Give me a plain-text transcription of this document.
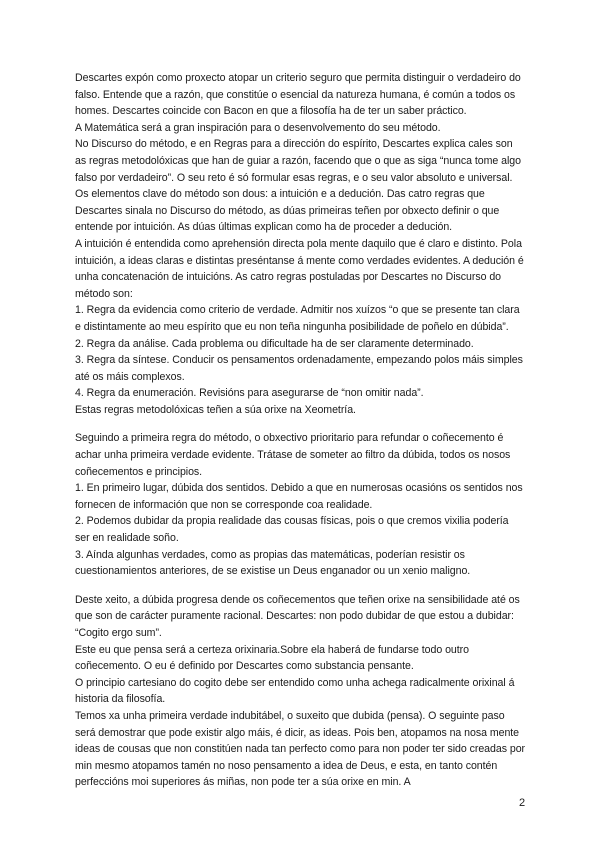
Descartes expón como proxecto atopar un criterio seguro que permita distinguir o verdadeiro do falso. Entende que a razón, que constitúe o esencial da natureza humana, é común a todos os homes. Descartes coincide con Bacon en que a filosofía ha de ter un saber práctico.

A Matemática será a gran inspiración para o desenvolvemento do seu método.

No Discurso do método, e en Regras para a dirección do espírito, Descartes explica cales son as regras metodolóxicas que han de guiar a razón, facendo que o que as siga “nunca tome algo falso por verdadeiro”. O seu reto é só formular esas regras, e o seu valor absoluto e universal. Os elementos clave do método son dous: a intuición e a dedución. Das catro regras que Descartes sinala no Discurso do método, as dúas primeiras teñen por obxecto definir o que entende por intuición. As dúas últimas explican como ha de proceder a dedución.

A intuición é entendida como aprehensión directa pola mente daquilo que é claro e distinto. Pola intuición, a ideas claras e distintas preséntanse á mente como verdades evidentes. A dedución é unha concatenación de intuicións. As catro regras postuladas por Descartes no Discurso do método son:

1. Regra da evidencia como criterio de verdade. Admitir nos xuízos “o que se presente tan clara e distintamente ao meu espírito que eu non teña ningunha posibilidade de poñelo en dúbida”.

2. Regra da análise. Cada problema ou dificultade ha de ser claramente determinado.

3. Regra da síntese. Conducir os pensamentos ordenadamente, empezando polos máis simples até os máis complexos.

4. Regra da enumeración. Revisións para asegurarse de “non omitir nada”.

Estas regras metodolóxicas teñen a súa orixe na Xeometría.

Seguindo a primeira regra do método, o obxectivo prioritario para refundar o coñecemento é achar unha primeira verdade evidente. Trátase de someter ao filtro da dúbida, todos os nosos coñecementos e principios.

1. En primeiro lugar, dúbida dos sentidos. Debido a que en numerosas ocasións os sentidos nos fornecen de información que non se corresponde coa realidade.

2. Podemos dubidar da propia realidade das cousas físicas, pois o que cremos vixilia podería ser en realidade soño.

3. Aínda algunhas verdades, como as propias das matemáticas, poderían resistir os cuestionamientos anteriores, de se existise un Deus enganador ou un xenio maligno.

Deste xeito, a dúbida progresa dende os coñecementos que teñen orixe na sensibilidade até os que son de carácter puramente racional. Descartes: non podo dubidar de que estou a dubidar: “Cogito ergo sum”.

Este eu que pensa será a certeza orixinaria.Sobre ela haberá de fundarse todo outro coñecemento. O eu é definido por Descartes como substancia pensante.

O principio cartesiano do cogito debe ser entendido como unha achega radicalmente orixinal á historia da filosofía.

Temos xa unha primeira verdade indubitábel, o suxeito que dubida (pensa). O seguinte paso será demostrar que pode existir algo máis, é dicir, as ideas. Pois ben, atopamos na nosa mente ideas de cousas que non constitúen nada tan perfecto como para non poder ter sido creadas por min mesmo atopamos tamén no noso pensamento a idea de Deus, e esta, en tanto contén perfeccións moi superiores ás miñas, non pode ter a súa orixe en min. A

2
